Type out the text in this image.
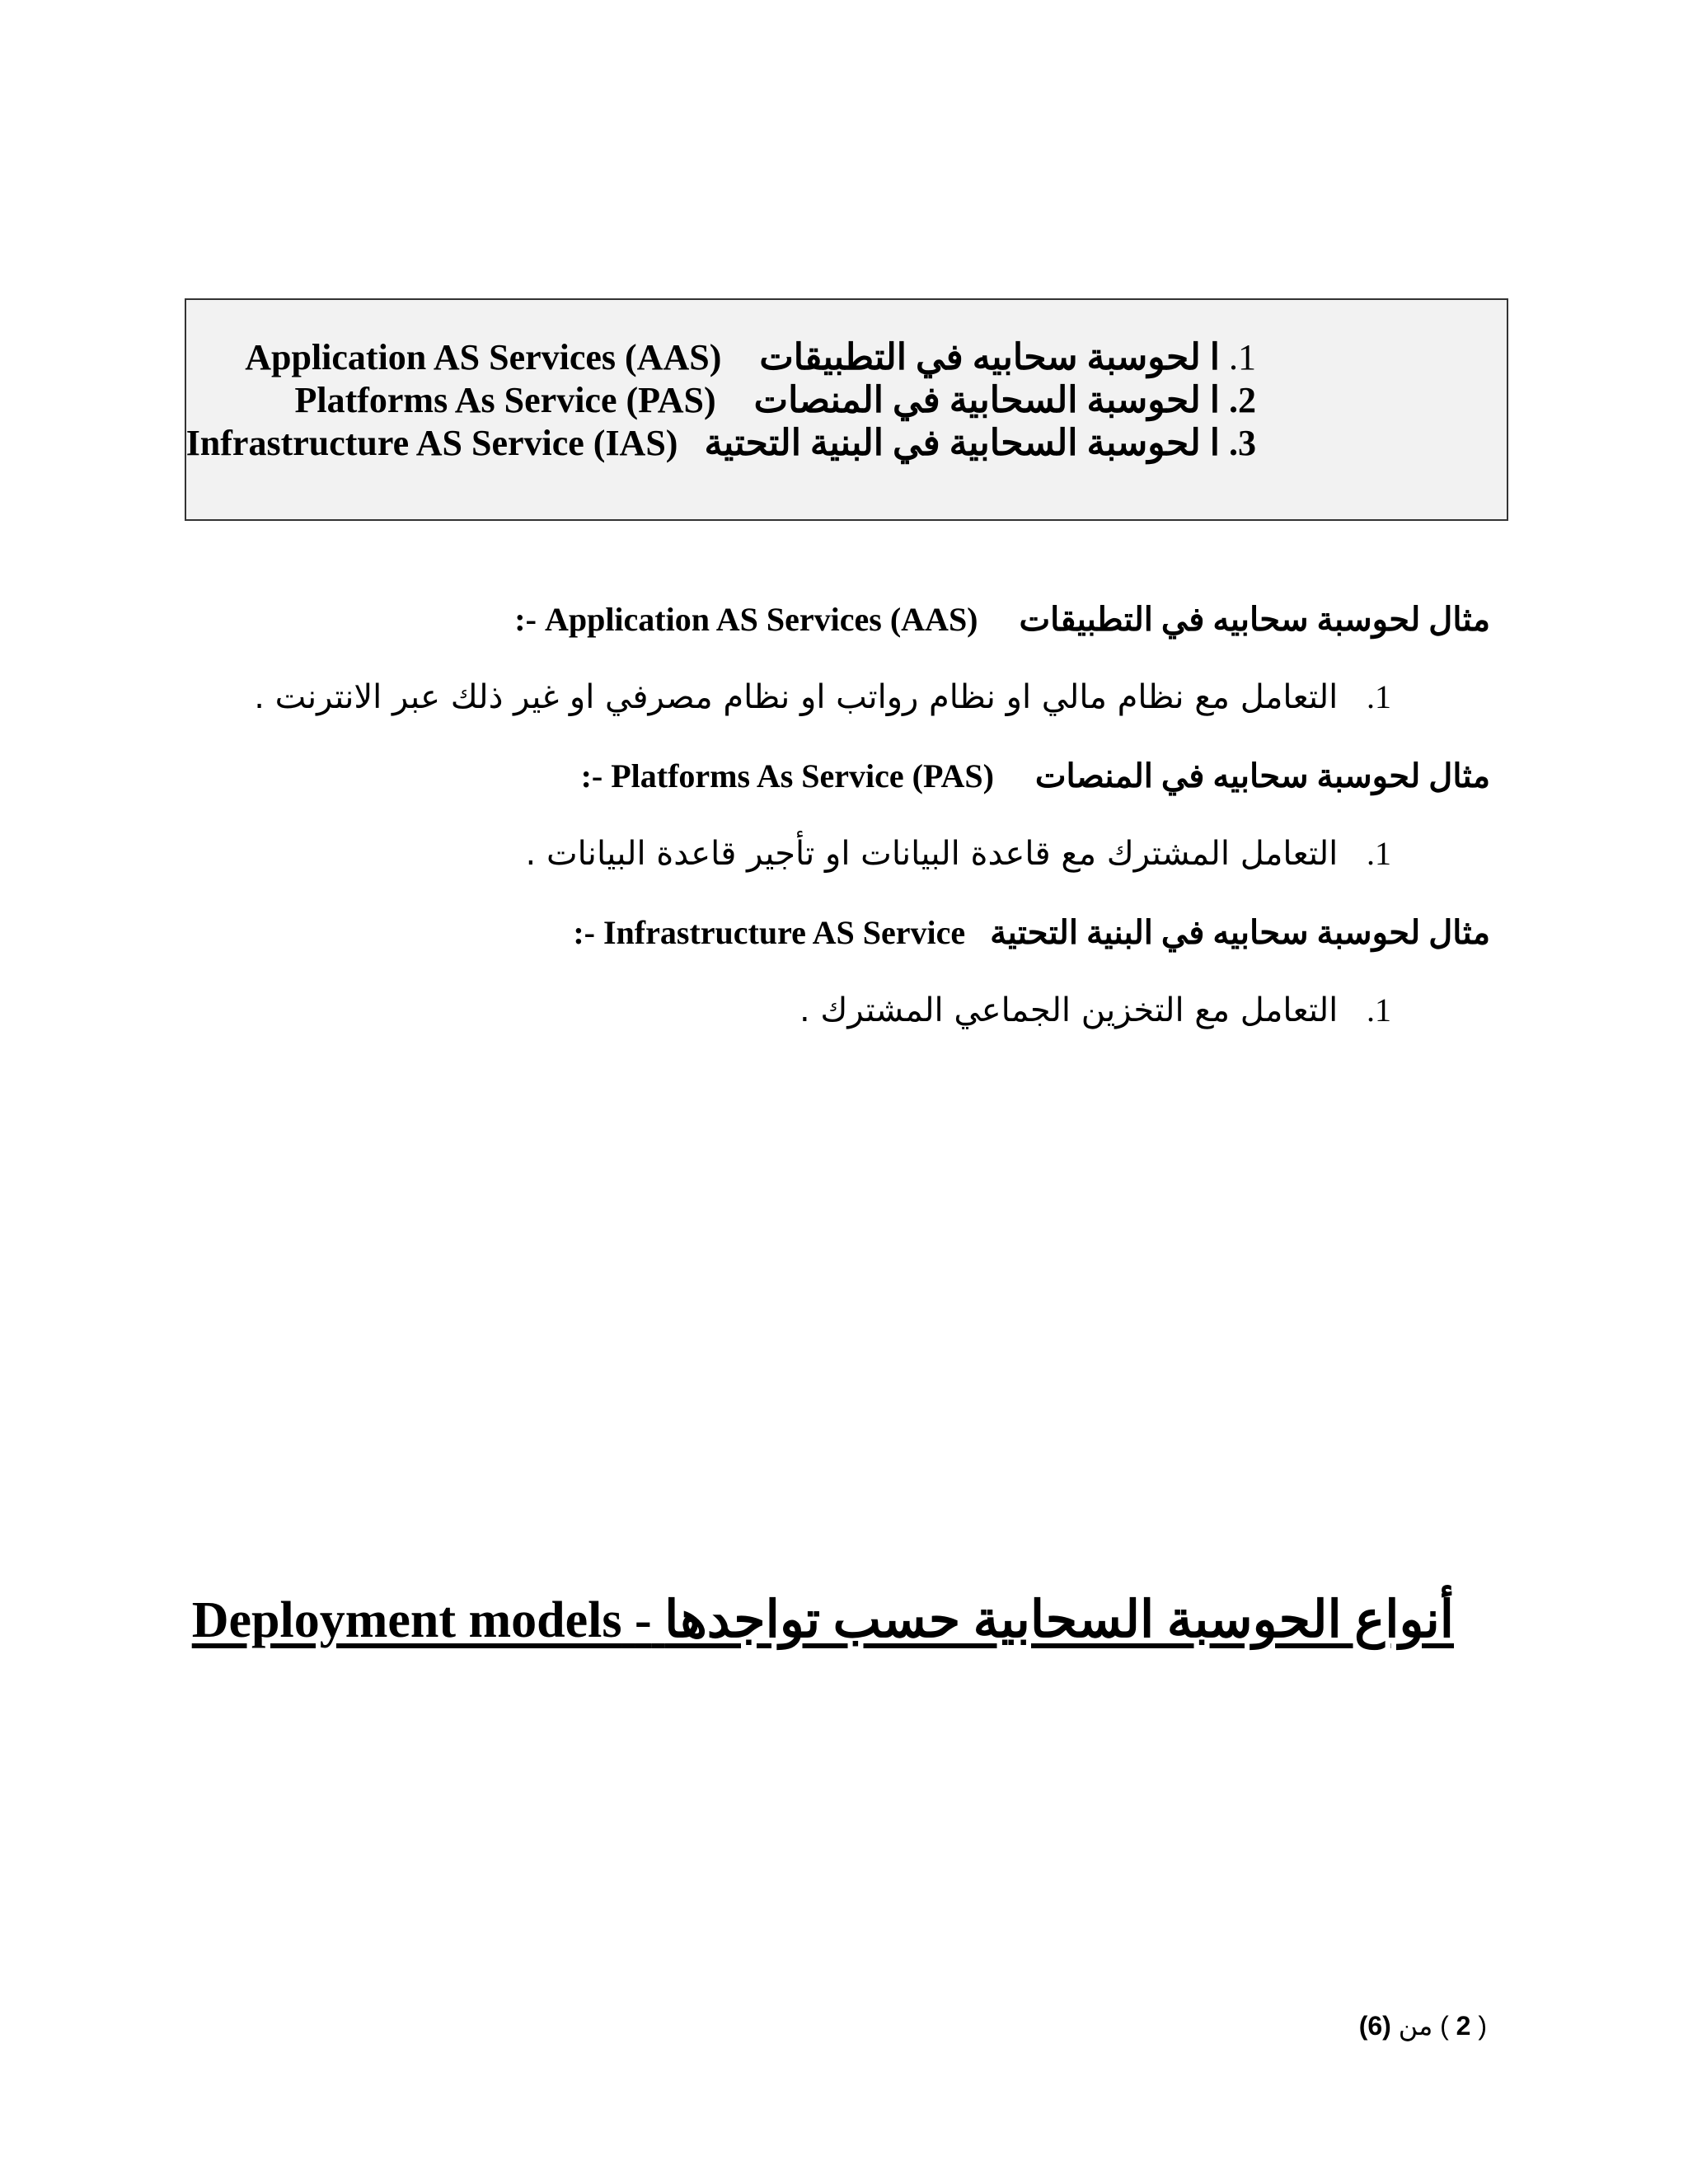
1. ا لحوسبة سحابيه في التطبيقات  Application AS Services (AAS)
2. ا لحوسبة السحابية في المنصات  Platforms As Service (PAS)
3. ا لحوسبة السحابية في البنية التحتية  Infrastructure AS Service (IAS)
مثال لحوسبة سحابيه في التطبيقات  Application AS Services (AAS) :-
1. التعامل مع نظام مالي او نظام رواتب او نظام مصرفي او غير ذلك عبر الانترنت .
مثال لحوسبة سحابيه في المنصات  Platforms As Service (PAS) :-
1. التعامل المشترك مع قاعدة البيانات او تأجير قاعدة البيانات .
مثال لحوسبة سحابيه في البنية التحتية  Infrastructure AS Service :-
1. التعامل مع التخزين الجماعي المشترك .
أنواع الحوسبة السحابية حسب تواجدها - Deployment models
( 2 ) من (6)
